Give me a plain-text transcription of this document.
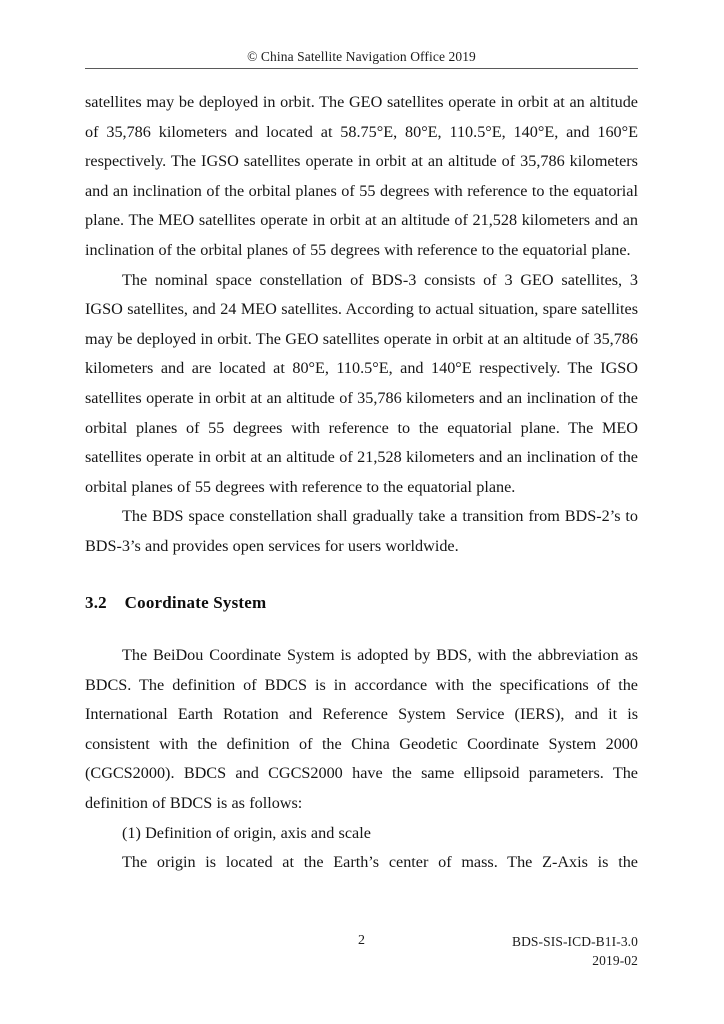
© China Satellite Navigation Office 2019

satellites may be deployed in orbit. The GEO satellites operate in orbit at an altitude of 35,786 kilometers and located at 58.75°E, 80°E, 110.5°E, 140°E, and 160°E respectively. The IGSO satellites operate in orbit at an altitude of 35,786 kilometers and an inclination of the orbital planes of 55 degrees with reference to the equatorial plane. The MEO satellites operate in orbit at an altitude of 21,528 kilometers and an inclination of the orbital planes of 55 degrees with reference to the equatorial plane.

The nominal space constellation of BDS-3 consists of 3 GEO satellites, 3 IGSO satellites, and 24 MEO satellites. According to actual situation, spare satellites may be deployed in orbit. The GEO satellites operate in orbit at an altitude of 35,786 kilometers and are located at 80°E, 110.5°E, and 140°E respectively. The IGSO satellites operate in orbit at an altitude of 35,786 kilometers and an inclination of the orbital planes of 55 degrees with reference to the equatorial plane. The MEO satellites operate in orbit at an altitude of 21,528 kilometers and an inclination of the orbital planes of 55 degrees with reference to the equatorial plane.

The BDS space constellation shall gradually take a transition from BDS-2’s to BDS-3’s and provides open services for users worldwide.

3.2    Coordinate System

The BeiDou Coordinate System is adopted by BDS, with the abbreviation as BDCS. The definition of BDCS is in accordance with the specifications of the International Earth Rotation and Reference System Service (IERS), and it is consistent with the definition of the China Geodetic Coordinate System 2000 (CGCS2000). BDCS and CGCS2000 have the same ellipsoid parameters. The definition of BDCS is as follows:

(1) Definition of origin, axis and scale

The origin is located at the Earth’s center of mass. The Z-Axis is the

2	BDS-SIS-ICD-B1I-3.0
2019-02
